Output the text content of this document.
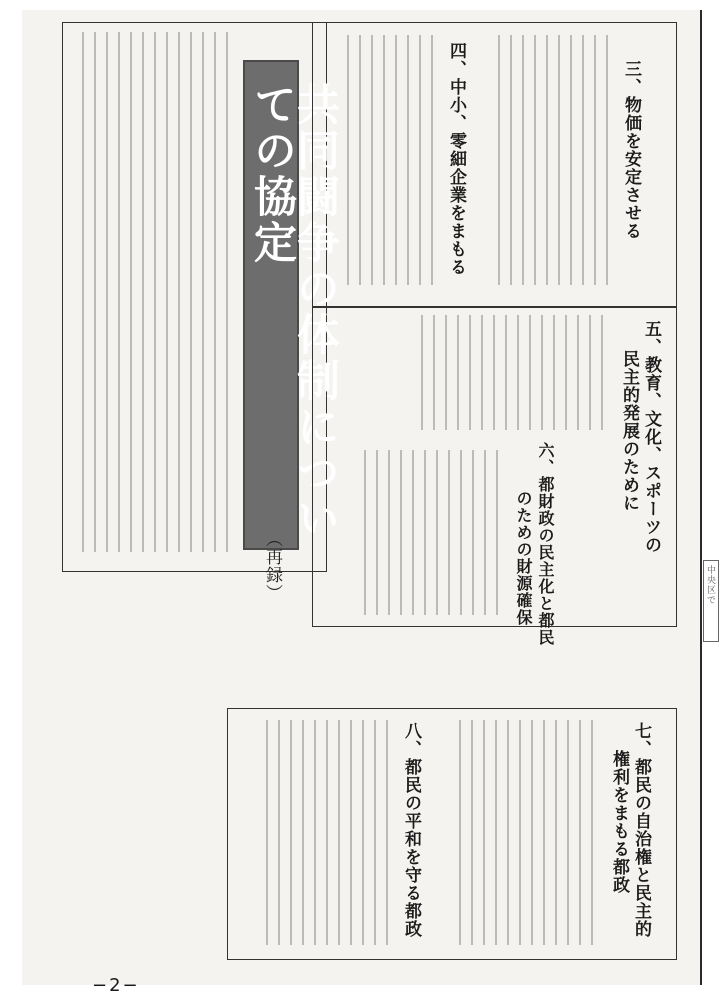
共同闘争の体制についての協定
（再録）
三、物価を安定させる
四、中小、零細企業をまもる
五、教育、文化、スポーツの
民主的発展のために
六、都財政の民主化と都民
のための財源確保
七、都民の自治権と民主的
権利をまもる都政
八、都民の平和を守る都政
−2−
中央区で
